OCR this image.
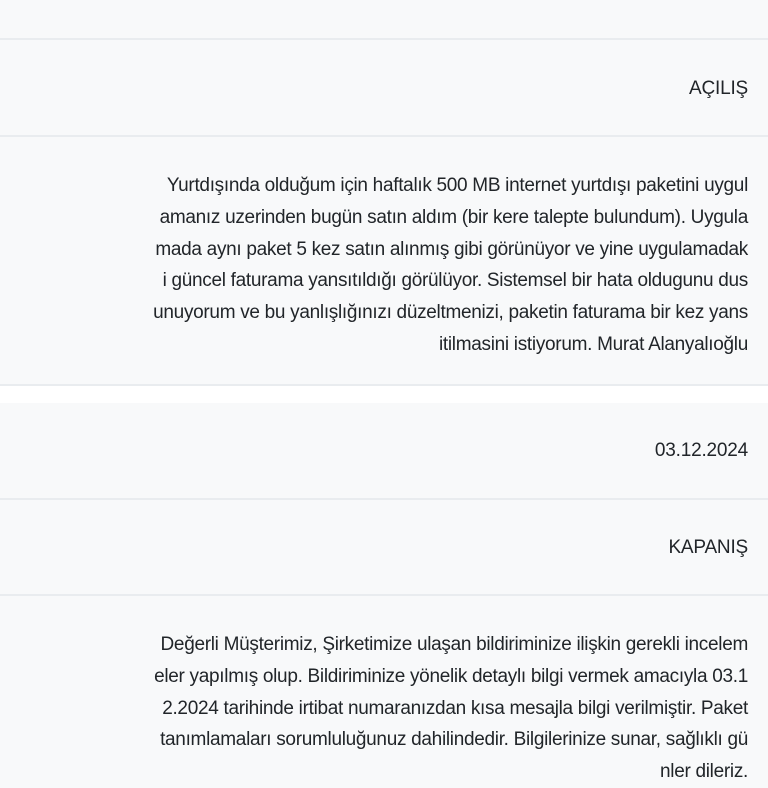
AÇILIŞ
Yurtdışında olduğum için haftalık 500 MB internet yurtdışı paketini uygul
amanız uzerinden bugün satın aldım (bir kere talepte bulundum). Uygula
mada aynı paket 5 kez satın alınmış gibi görünüyor ve yine uygulamadak
i güncel faturama yansıtıldığı görülüyor. Sistemsel bir hata oldugunu dus
unuyorum ve bu yanlışlığınızı düzeltmenizi, paketin faturama bir kez yans
itilmasini istiyorum. Murat Alanyalıoğlu
03.12.2024
KAPANIŞ
Değerli Müşterimiz, Şirketimize ulaşan bildiriminize ilişkin gerekli incelem
eler yapılmış olup. Bildiriminize yönelik detaylı bilgi vermek amacıyla 03.1
2.2024 tarihinde irtibat numaranızdan kısa mesajla bilgi verilmiştir. Paket
tanımlamaları sorumluluğunuz dahilindedir. Bilgilerinize sunar, sağlıklı gü
nler dileriz.
